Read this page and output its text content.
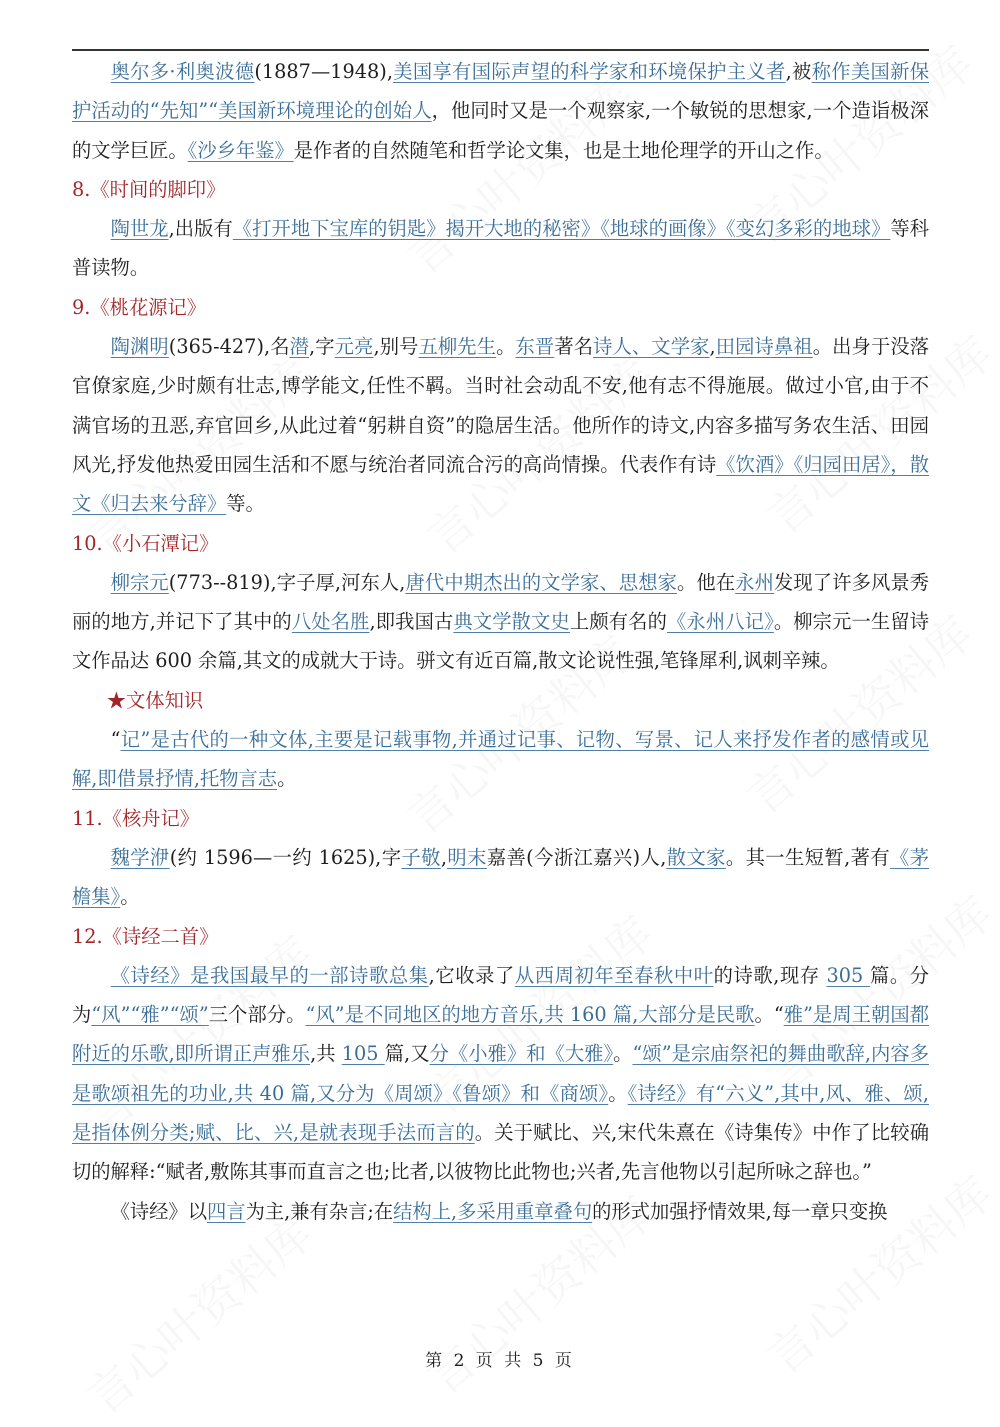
奥尔多·利奥波德(1887—1948),美国享有国际声望的科学家和环境保护主义者,被称作美国新保护活动的“先知”“美国新环境理论的创始人，他同时又是一个观察家,一个敏锐的思想家,一个造诣极深的文学巨匠。《沙乡年鉴》是作者的自然随笔和哲学论文集，也是土地伦理学的开山之作。

8.《时间的脚印》

陶世龙,出版有《打开地下宝库的钥匙》揭开大地的秘密》《地球的画像》《变幻多彩的地球》等科普读物。

9.《桃花源记》

陶渊明(365-427),名潜,字元亮,别号五柳先生。东晋著名诗人、文学家,田园诗鼻祖。出身于没落官僚家庭,少时颇有壮志,博学能文,任性不羁。当时社会动乱不安,他有志不得施展。做过小官,由于不满官场的丑恶,弃官回乡,从此过着“躬耕自资”的隐居生活。他所作的诗文,内容多描写务农生活、田园风光,抒发他热爱田园生活和不愿与统治者同流合污的高尚情操。代表作有诗《饮酒》《归园田居》，散文《归去来兮辞》等。

10.《小石潭记》

柳宗元(773--819),字子厚,河东人,唐代中期杰出的文学家、思想家。他在永州发现了许多风景秀丽的地方,并记下了其中的八处名胜,即我国古典文学散文史上颇有名的《永州八记》。柳宗元一生留诗文作品达 600 余篇,其文的成就大于诗。骈文有近百篇,散文论说性强,笔锋犀利,讽刺辛辣。

★文体知识

“记”是古代的一种文体,主要是记载事物,并通过记事、记物、写景、记人来抒发作者的感情或见解,即借景抒情,托物言志。

11.《核舟记》

魏学洢(约 1596—一约 1625),字子敬,明末嘉善(今浙江嘉兴)人,散文家。其一生短暂,著有《茅檐集》。

12.《诗经二首》

《诗经》是我国最早的一部诗歌总集,它收录了从西周初年至春秋中叶的诗歌,现存 305 篇。分为“风”“雅”“颂”三个部分。“风”是不同地区的地方音乐,共 160 篇,大部分是民歌。“雅”是周王朝国都附近的乐歌,即所谓正声雅乐,共 105 篇,又分《小雅》和《大雅》。“颂”是宗庙祭祀的舞曲歌辞,内容多是歌颂祖先的功业,共 40 篇,又分为《周颂》《鲁颂》和《商颂》。《诗经》有“六义”,其中,风、雅、颂,是指体例分类;赋、比、兴,是就表现手法而言的。关于赋比、兴,宋代朱熹在《诗集传》中作了比较确切的解释:“赋者,敷陈其事而直言之也;比者,以彼物比此物也;兴者,先言他物以引起所咏之辞也。”

《诗经》以四言为主,兼有杂言;在结构上,多采用重章叠句的形式加强抒情效果,每一章只变换

第 2 页 共 5 页
